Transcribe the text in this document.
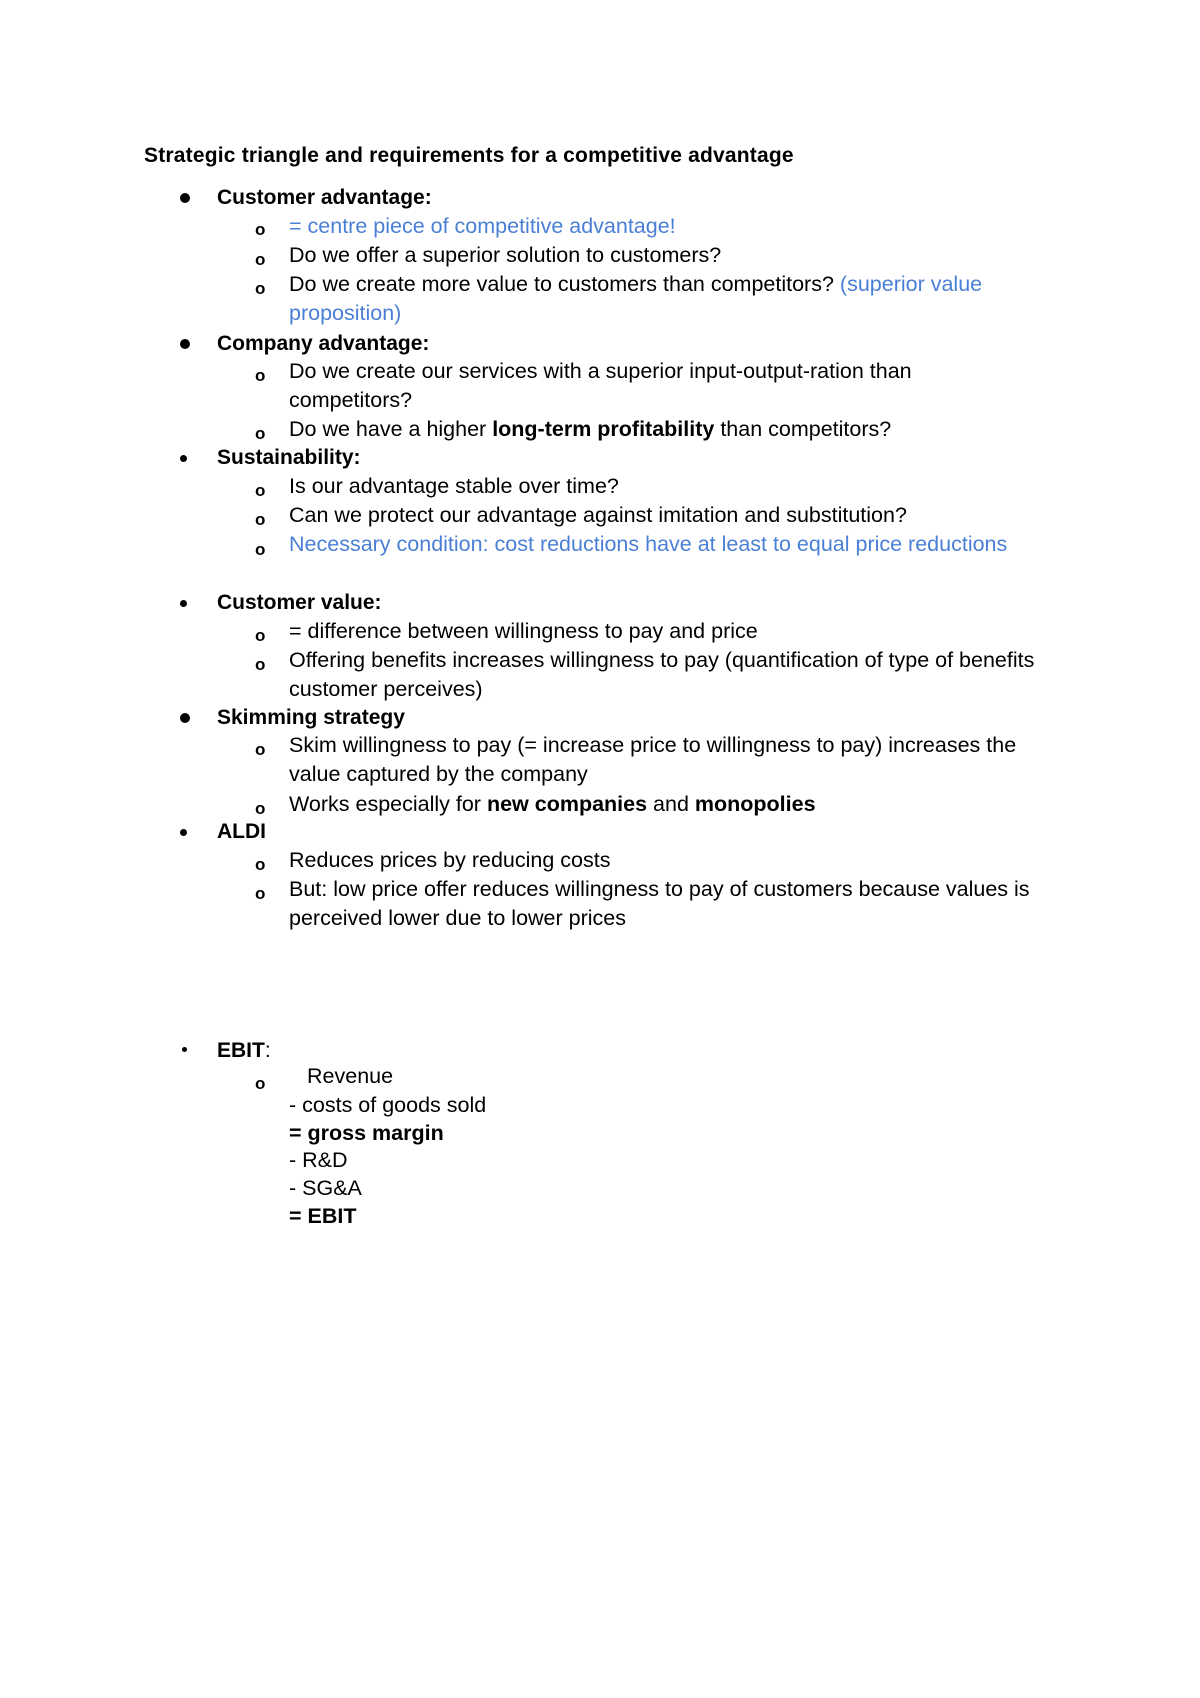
Strategic triangle and requirements for a competitive advantage
Customer advantage:
o = centre piece of competitive advantage!
o Do we offer a superior solution to customers?
o Do we create more value to customers than competitors? (superior value proposition)
Company advantage:
o Do we create our services with a superior input-output-ration than competitors?
o Do we have a higher long-term profitability than competitors?
Sustainability:
o Is our advantage stable over time?
o Can we protect our advantage against imitation and substitution?
o Necessary condition: cost reductions have at least to equal price reductions
Customer value:
o = difference between willingness to pay and price
o Offering benefits increases willingness to pay (quantification of type of benefits customer perceives)
Skimming strategy
o Skim willingness to pay (= increase price to willingness to pay) increases the value captured by the company
o Works especially for new companies and monopolies
ALDI
o Reduces prices by reducing costs
o But: low price offer reduces willingness to pay of customers because values is perceived lower due to lower prices
EBIT:
o Revenue
- costs of goods sold
= gross margin
- R&D
- SG&A
= EBIT
